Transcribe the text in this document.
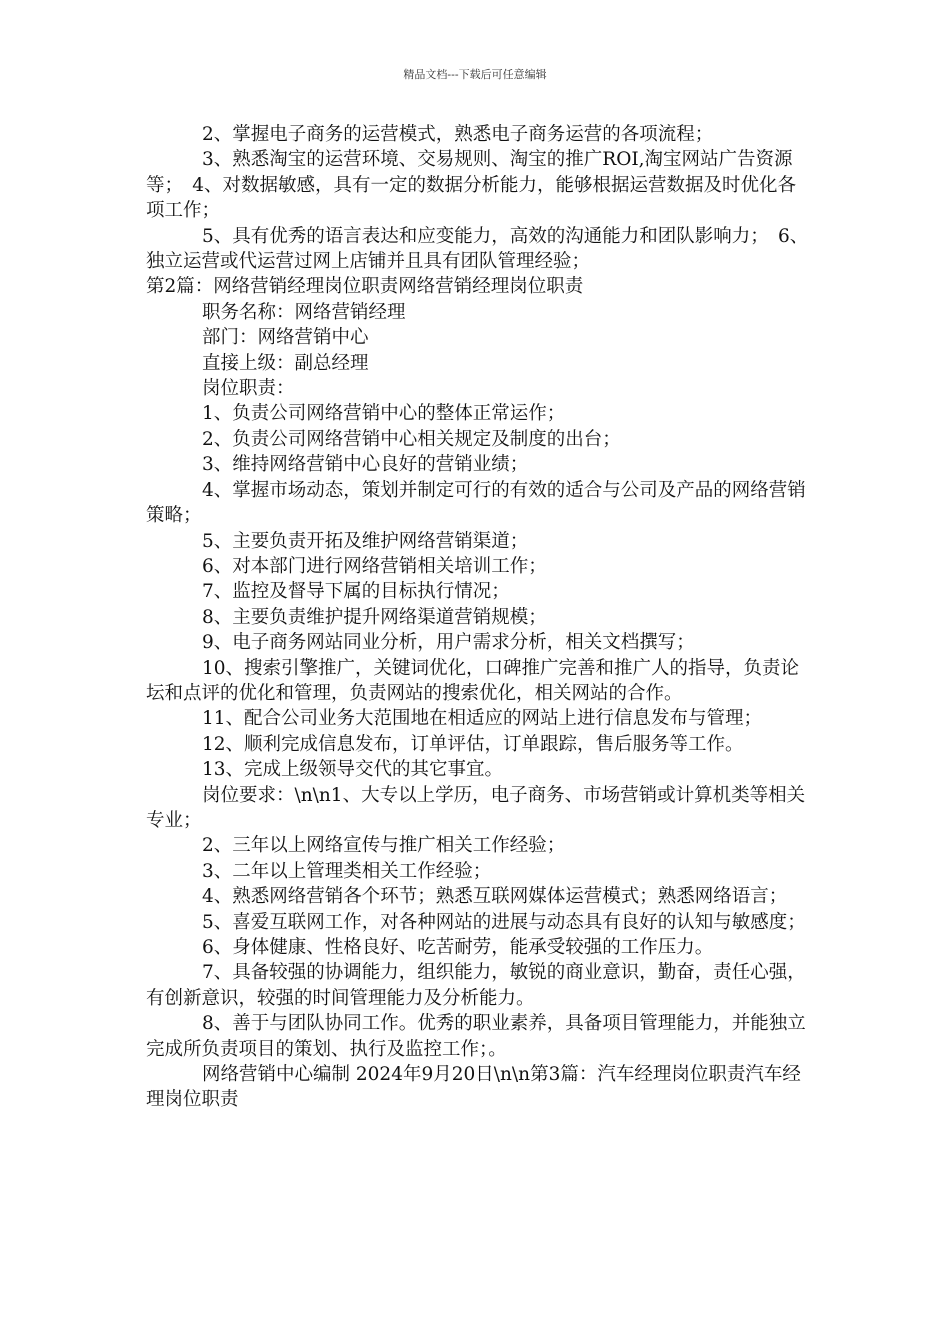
精品文档---下载后可任意编辑

2、掌握电子商务的运营模式，熟悉电子商务运营的各项流程；

3、熟悉淘宝的运营环境、交易规则、淘宝的推广ROI,淘宝网站广告资源等；　4、对数据敏感，具有一定的数据分析能力，能够根据运营数据及时优化各项工作；

5、具有优秀的语言表达和应变能力，高效的沟通能力和团队影响力；　6、独立运营或代运营过网上店铺并且具有团队管理经验；

第2篇：网络营销经理岗位职责网络营销经理岗位职责

职务名称：网络营销经理

部门：网络营销中心

直接上级：副总经理

岗位职责：

1、负责公司网络营销中心的整体正常运作；

2、负责公司网络营销中心相关规定及制度的出台；

3、维持网络营销中心良好的营销业绩；

4、掌握市场动态，策划并制定可行的有效的适合与公司及产品的网络营销策略；

5、主要负责开拓及维护网络营销渠道；

6、对本部门进行网络营销相关培训工作；

7、监控及督导下属的目标执行情况；

8、主要负责维护提升网络渠道营销规模；

9、电子商务网站同业分析，用户需求分析，相关文档撰写；

10、搜索引擎推广，关键词优化，口碑推广完善和推广人的指导，负责论坛和点评的优化和管理，负责网站的搜索优化，相关网站的合作。

11、配合公司业务大范围地在相适应的网站上进行信息发布与管理；

12、顺利完成信息发布，订单评估，订单跟踪，售后服务等工作。

13、完成上级领导交代的其它事宜。

岗位要求：\n\n1、大专以上学历，电子商务、市场营销或计算机类等相关专业；

2、三年以上网络宣传与推广相关工作经验；

3、二年以上管理类相关工作经验；

4、熟悉网络营销各个环节；熟悉互联网媒体运营模式；熟悉网络语言；

5、喜爱互联网工作，对各种网站的进展与动态具有良好的认知与敏感度；

6、身体健康、性格良好、吃苦耐劳，能承受较强的工作压力。

7、具备较强的协调能力，组织能力，敏锐的商业意识，勤奋，责任心强，有创新意识，较强的时间管理能力及分析能力。

8、善于与团队协同工作。优秀的职业素养，具备项目管理能力，并能独立完成所负责项目的策划、执行及监控工作；。

网络营销中心编制 2024年9月20日\n\n第3篇：汽车经理岗位职责汽车经理岗位职责
